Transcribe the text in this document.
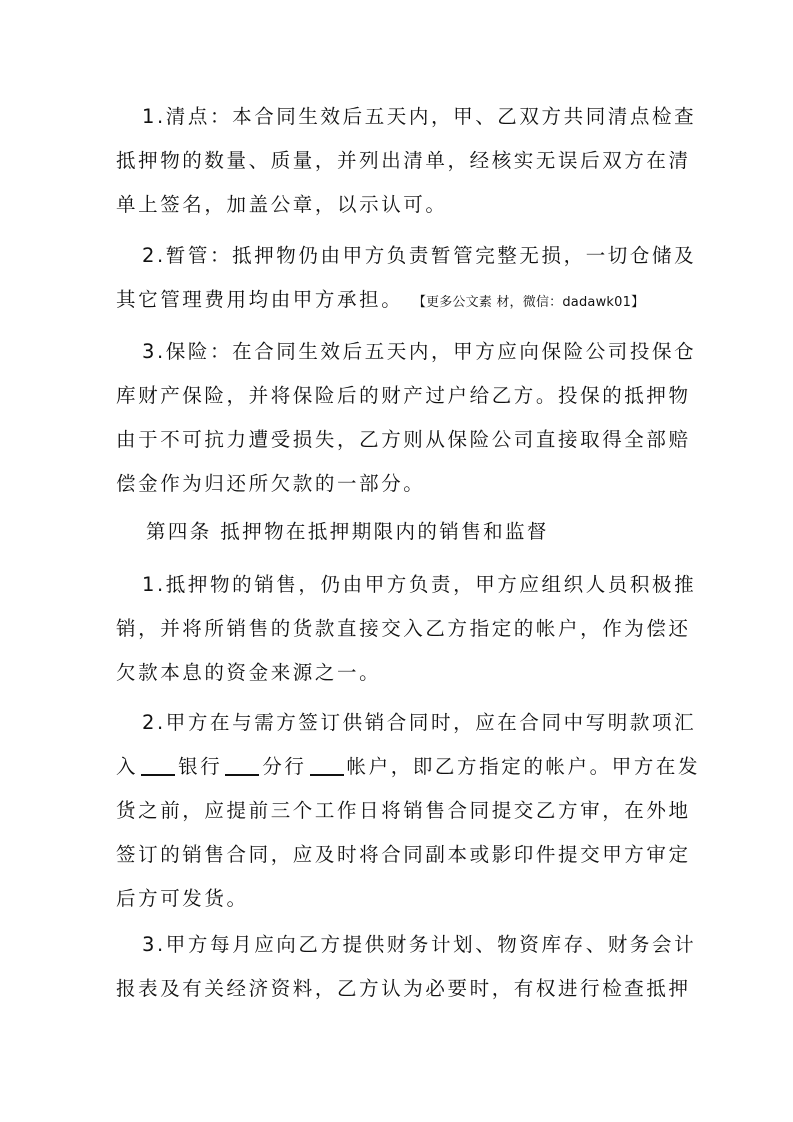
1.清点：本合同生效后五天内，甲、乙双方共同清点检查
抵押物的数量、质量，并列出清单，经核实无误后双方在清
单上签名，加盖公章，以示认可。
2.暂管：抵押物仍由甲方负责暂管完整无损，一切仓储及
其它管理费用均由甲方承担。 【更多公文素 材，微信：dadawk01】
3.保险：在合同生效后五天内，甲方应向保险公司投保仓
库财产保险，并将保险后的财产过户给乙方。投保的抵押物
由于不可抗力遭受损失，乙方则从保险公司直接取得全部赔
偿金作为归还所欠款的一部分。
第四条 抵押物在抵押期限内的销售和监督
1.抵押物的销售，仍由甲方负责，甲方应组织人员积极推
销，并将所销售的货款直接交入乙方指定的帐户，作为偿还
欠款本息的资金来源之一。
2.甲方在与需方签订供销合同时，应在合同中写明款项汇
入 银行 分行 帐户，即乙方指定的帐户。甲方在发
货之前，应提前三个工作日将销售合同提交乙方审，在外地
签订的销售合同，应及时将合同副本或影印件提交甲方审定
后方可发货。
3.甲方每月应向乙方提供财务计划、物资库存、财务会计
报表及有关经济资料，乙方认为必要时，有权进行检查抵押
